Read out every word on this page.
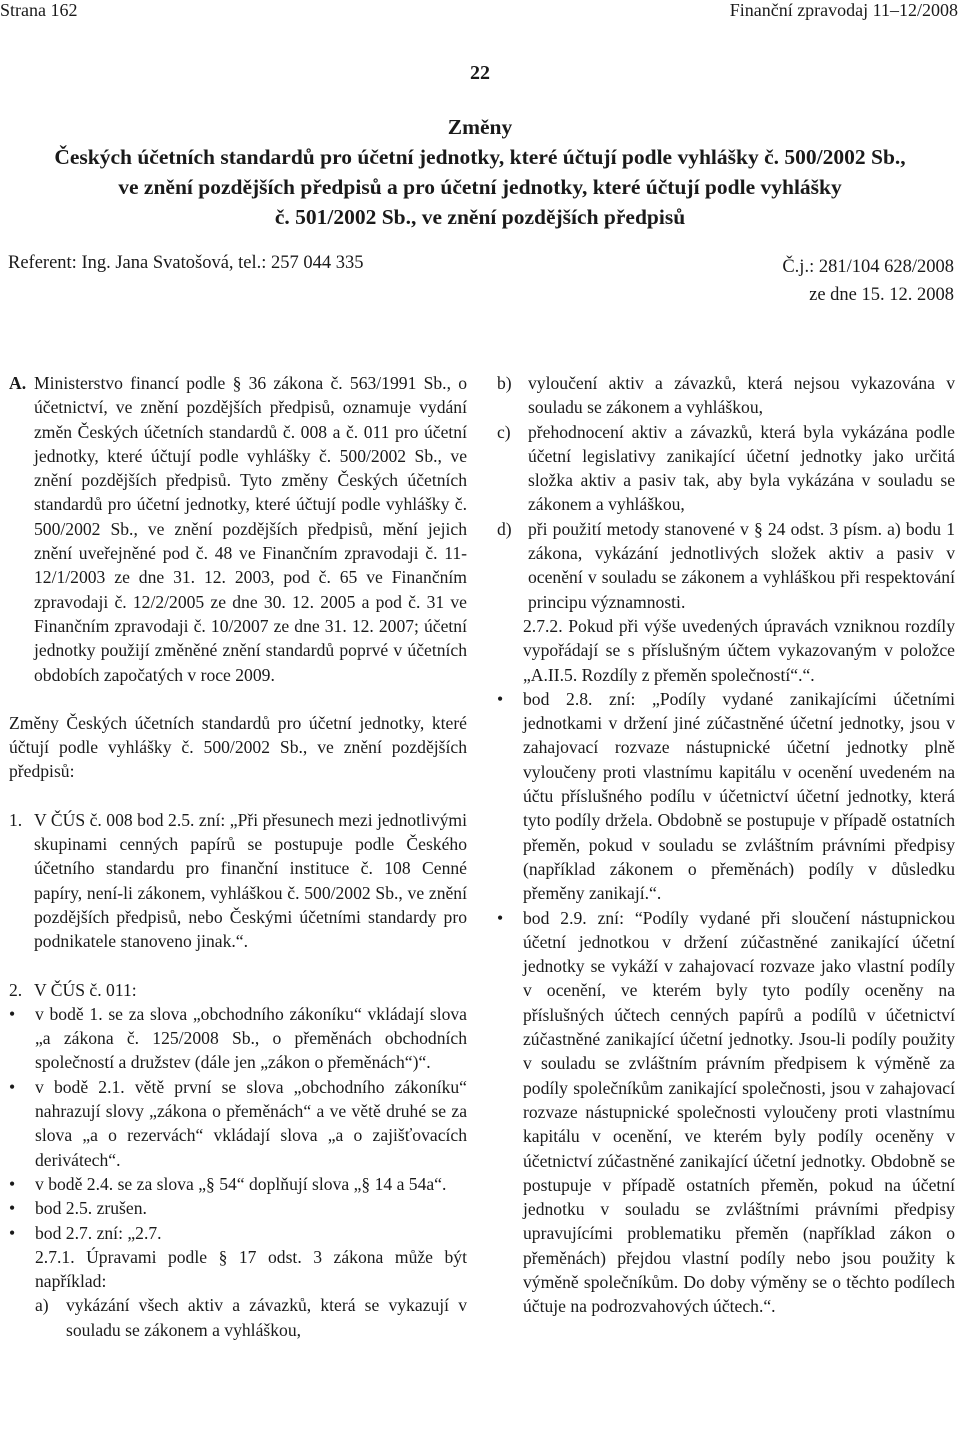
Strana 162	Finanční zpravodaj 11–12/2008
22
Změny
Českých účetních standardů pro účetní jednotky, které účtují podle vyhlášky č. 500/2002 Sb.,
ve znění pozdějších předpisů a pro účetní jednotky, které účtují podle vyhlášky
č. 501/2002 Sb., ve znění pozdějších předpisů
Referent: Ing. Jana Svatošová, tel.: 257 044 335	Č.j.: 281/104 628/2008
ze dne 15. 12. 2008

A. Ministerstvo financí podle § 36 zákona č. 563/1991 Sb., o účetnictví, ve znění pozdějších předpisů, oznamuje vydání změn Českých účetních standardů č. 008 a č. 011 pro účetní jednotky, které účtují podle vyhlášky č. 500/2002 Sb., ve znění pozdějších předpisů. Tyto změny Českých účetních standardů pro účetní jednotky, které účtují podle vyhlášky č. 500/2002 Sb., ve znění pozdějších předpisů, mění jejich znění uveřejněné pod č. 48 ve Finančním zpravodaji č. 11-12/1/2003 ze dne 31. 12. 2003, pod č. 65 ve Finančním zpravodaji č. 12/2/2005 ze dne 30. 12. 2005 a pod č. 31 ve Finančním zpravodaji č. 10/2007 ze dne 31. 12. 2007; účetní jednotky použijí změněné znění standardů poprvé v účetních obdobích započatých v roce 2009.

Změny Českých účetních standardů pro účetní jednotky, které účtují podle vyhlášky č. 500/2002 Sb., ve znění pozdějších předpisů:

1. V ČÚS č. 008 bod 2.5. zní: „Při přesunech mezi jednotlivými skupinami cenných papírů se postupuje podle Českého účetního standardu pro finanční instituce č. 108 Cenné papíry, není-li zákonem, vyhláškou č. 500/2002 Sb., ve znění pozdějších předpisů, nebo Českými účetními standardy pro podnikatele stanoveno jinak.“.

2. V ČÚS č. 011:

• v bodě 1. se za slova „obchodního zákoníku“ vkládají slova „a zákona č. 125/2008 Sb., o přeměnách obchodních společností a družstev (dále jen „zákon o přeměnách“)“.

• v bodě 2.1. větě první se slova „obchodního zákoníku“ nahrazují slovy „zákona o přeměnách“ a ve větě druhé se za slova „a o rezervách“ vkládají slova „a o zajišťovacích derivátech“.

• v bodě 2.4. se za slova „§ 54“ doplňují slova „§ 14 a 54a“.

• bod 2.5. zrušen.

• bod 2.7. zní: „2.7.

2.7.1. Úpravami podle § 17 odst. 3 zákona může být například:

a) vykázání všech aktiv a závazků, která se vykazují v souladu se zákonem a vyhláškou,

b) vyloučení aktiv a závazků, která nejsou vykazována v souladu se zákonem a vyhláškou,

c) přehodnocení aktiv a závazků, která byla vykázána podle účetní legislativy zanikající účetní jednotky jako určitá složka aktiv a pasiv tak, aby byla vykázána v souladu se zákonem a vyhláškou,

d) při použití metody stanovené v § 24 odst. 3 písm. a) bodu 1 zákona, vykázání jednotlivých složek aktiv a pasiv v ocenění v souladu se zákonem a vyhláškou při respektování principu významnosti.

2.7.2. Pokud při výše uvedených úpravách vzniknou rozdíly vypořádají se s příslušným účtem vykazovaným v položce „A.II.5. Rozdíly z přeměn společností“.“.

• bod 2.8. zní: „Podíly vydané zanikajícími účetními jednotkami v držení jiné zúčastněné účetní jednotky, jsou v zahajovací rozvaze nástupnické účetní jednotky plně vyloučeny proti vlastnímu kapitálu v ocenění uvedeném na účtu příslušného podílu v účetnictví účetní jednotky, která tyto podíly držela. Obdobně se postupuje v případě ostatních přeměn, pokud v souladu se zvláštním právními předpisy (například zákonem o přeměnách) podíly v důsledku přeměny zanikají.“.

• bod 2.9. zní: “Podíly vydané při sloučení nástupnickou účetní jednotkou v držení zúčastněné zanikající účetní jednotky se vykáží v zahajovací rozvaze jako vlastní podíly v ocenění, ve kterém byly tyto podíly oceněny na příslušných účtech cenných papírů a podílů v účetnictví zúčastněné zanikající účetní jednotky. Jsou-li podíly použity v souladu se zvláštním právním předpisem k výměně za podíly společníkům zanikající společnosti, jsou v zahajovací rozvaze nástupnické společnosti vyloučeny proti vlastnímu kapitálu v ocenění, ve kterém byly podíly oceněny v účetnictví zúčastněné zanikající účetní jednotky. Obdobně se postupuje v případě ostatních přeměn, pokud na účetní jednotku v souladu se zvláštními právními předpisy upravujícími problematiku přeměn (například zákon o přeměnách) přejdou vlastní podíly nebo jsou použity k výměně společníkům. Do doby výměny se o těchto podílech účtuje na podrozvahových účtech.“.
